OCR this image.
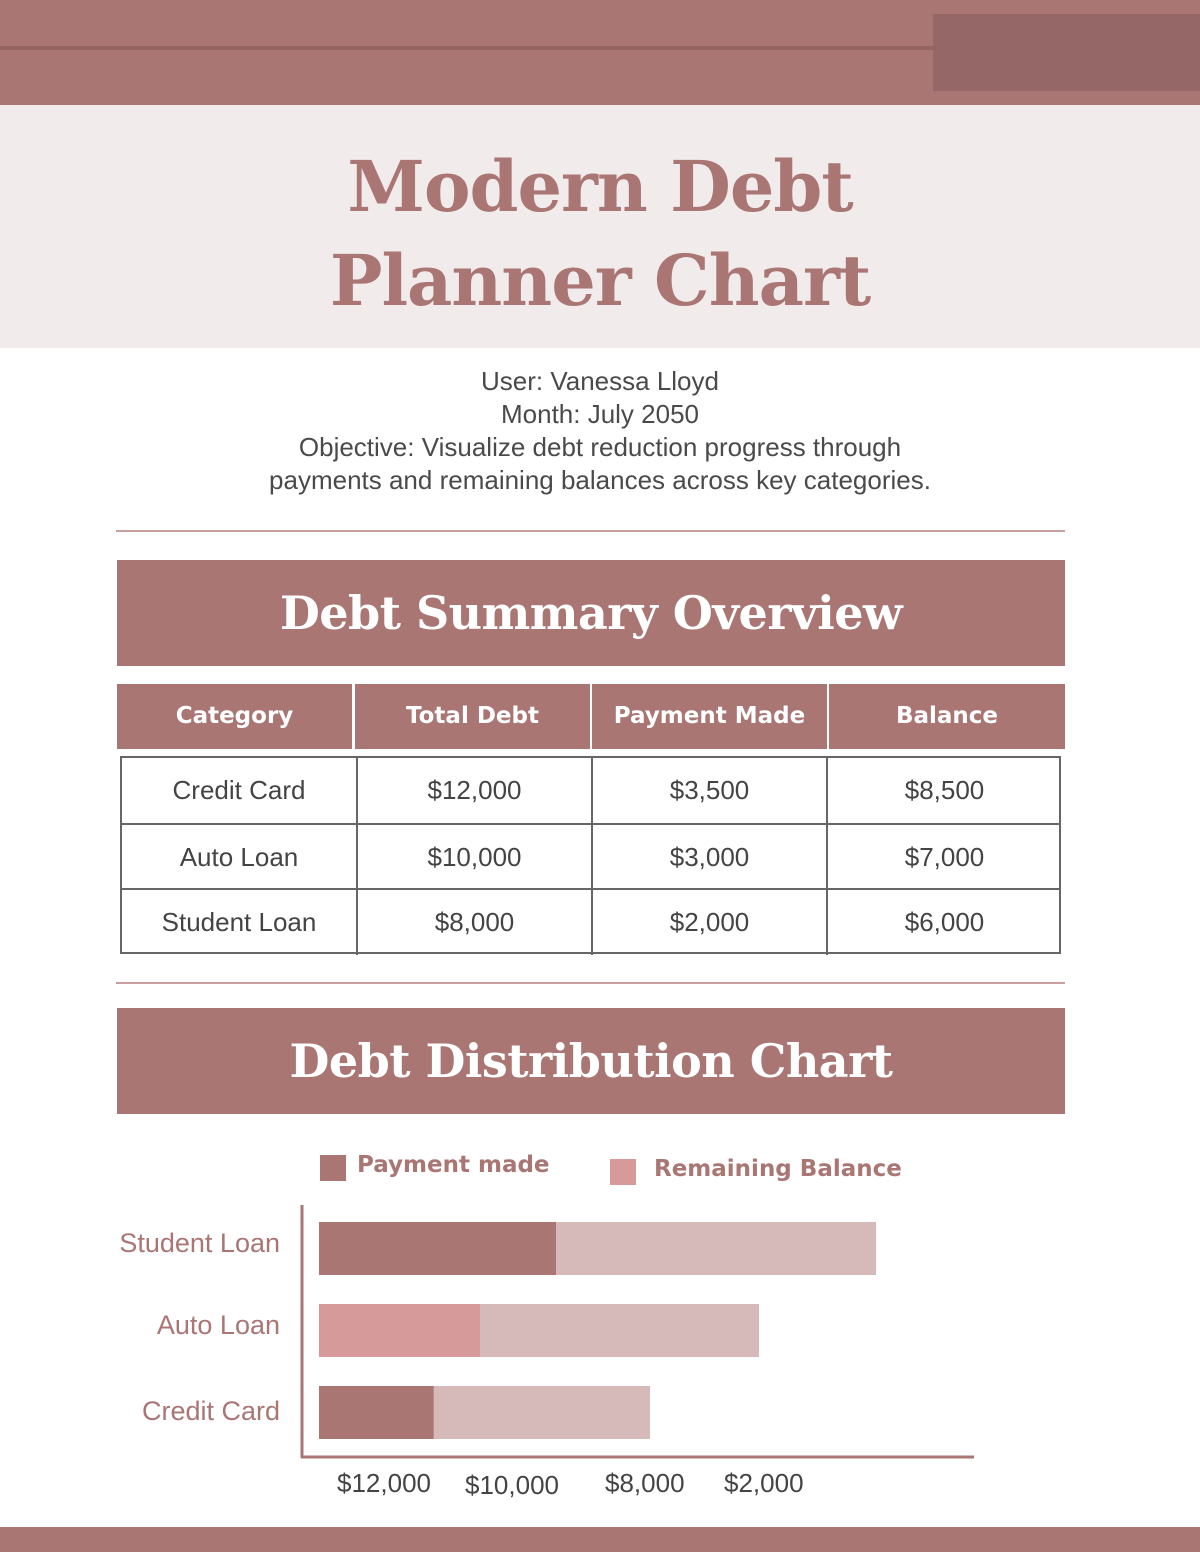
Modern Debt
Planner Chart
User: Vanessa Lloyd
Month: July 2050
Objective: Visualize debt reduction progress through
payments and remaining balances across key categories.
Debt Summary Overview
Category	Total Debt	Payment Made	Balance
Credit Card	$12,000	$3,500	$8,500
Auto Loan	$10,000	$3,000	$7,000
Student Loan	$8,000	$2,000	$6,000
Debt Distribution Chart
Payment made	Remaining Balance
Student Loan
Auto Loan
Credit Card
$12,000 $10,000 $8,000 $2,000
